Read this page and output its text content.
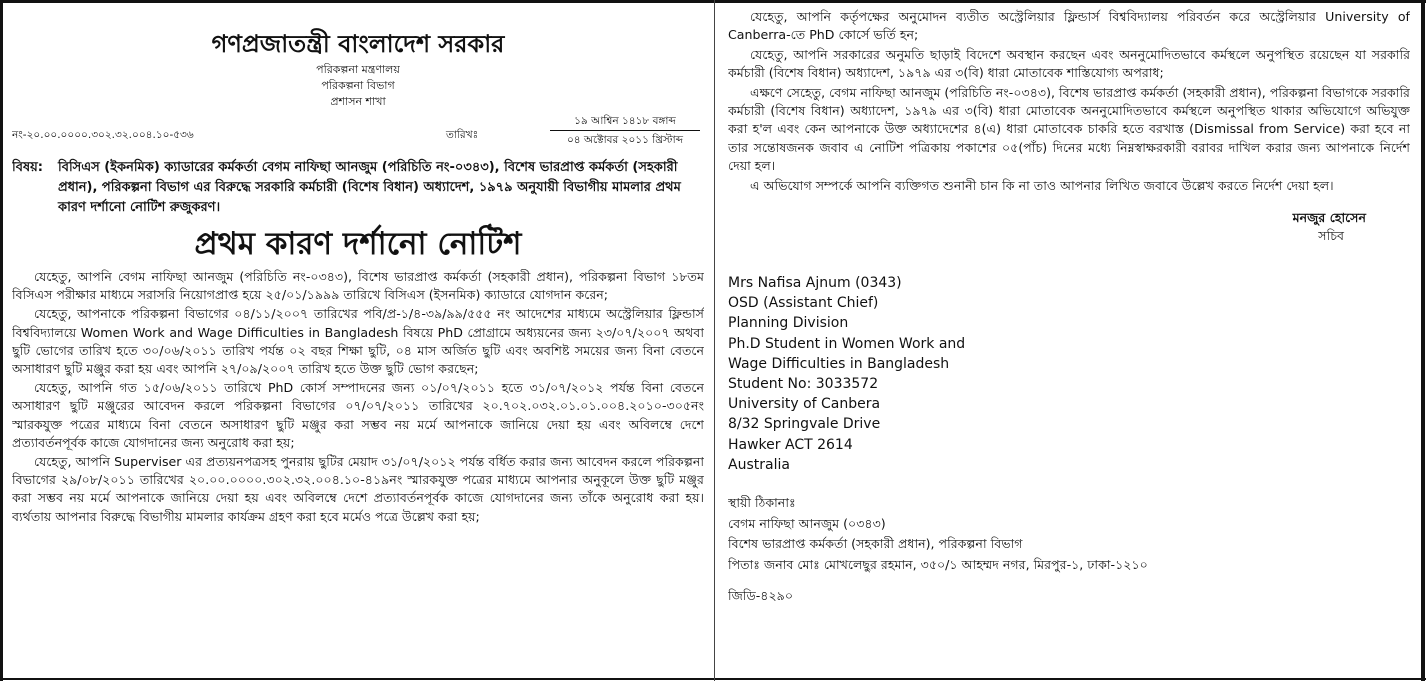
গণপ্রজাতন্ত্রী বাংলাদেশ সরকার
পরিকল্পনা মন্ত্রণালয়
পরিকল্পনা বিভাগ
প্রশাসন শাখা
নং-২০.০০.০০০০.৩০২.৩২.০০৪.১০-৫৩৬	তারিখঃ
১৯ আশ্বিন ১৪১৮ বঙ্গাব্দ
০৪ অক্টোবর ২০১১ খ্রিস্টাব্দ
বিষয়: বিসিএস (ইকনমিক) ক্যাডারের কর্মকর্তা বেগম নাফিছা আনজুম (পরিচিতি নং-০৩৪৩), বিশেষ ভারপ্রাপ্ত কর্মকর্তা (সহকারী প্রধান), পরিকল্পনা বিভাগ এর বিরুদ্ধে সরকারি কর্মচারী (বিশেষ বিধান) অধ্যাদেশ, ১৯৭৯ অনুযায়ী বিভাগীয় মামলার প্রথম কারণ দর্শানো নোটিশ রুজুকরণ।
প্রথম কারণ দর্শানো নোটিশ

যেহেতু, আপনি বেগম নাফিছা আনজুম (পরিচিতি নং-০৩৪৩), বিশেষ ভারপ্রাপ্ত কর্মকর্তা (সহকারী প্রধান), পরিকল্পনা বিভাগ ১৮তম বিসিএস পরীক্ষার মাধ্যমে সরাসরি নিয়োগপ্রাপ্ত হয়ে ২৫/০১/১৯৯৯ তারিখে বিসিএস (ইসনমিক) ক্যাডারে যোগদান করেন;

যেহেতু, আপনাকে পরিকল্পনা বিভাগের ০৪/১১/২০০৭ তারিখের পবি/প্র-১/৪-৩৯/৯৯/৫৫৫ নং আদেশের মাধ্যমে অস্ট্রেলিয়ার ফ্লিন্ডার্স বিশ্ববিদ্যালয়ে Women Work and Wage Difficulties in Bangladesh বিষয়ে PhD প্রোগ্রামে অধ্যয়নের জন্য ২৩/০৭/২০০৭ অথবা ছুটি ভোগের তারিখ হতে ৩০/০৬/২০১১ তারিখ পর্যন্ত ০২ বছর শিক্ষা ছুটি, ০৪ মাস অর্জিত ছুটি এবং অবশিষ্ট সময়ের জন্য বিনা বেতনে অসাধারণ ছুটি মঞ্জুর করা হয় এবং আপনি ২৭/০৯/২০০৭ তারিখ হতে উক্ত ছুটি ভোগ করছেন;

যেহেতু, আপনি গত ১৫/০৬/২০১১ তারিখে PhD কোর্স সম্পাদনের জন্য ০১/০৭/২০১১ হতে ৩১/০৭/২০১২ পর্যন্ত বিনা বেতনে অসাধারণ ছুটি মঞ্জুরের আবেদন করলে পরিকল্পনা বিভাগের ০৭/০৭/২০১১ তারিখের ২০.৭০২.০৩২.০১.০১.০০৪.২০১০-৩০৫নং স্মারকযুক্ত পত্রের মাধ্যমে বিনা বেতনে অসাধারণ ছুটি মঞ্জুর করা সম্ভব নয় মর্মে আপনাকে জানিয়ে দেয়া হয় এবং অবিলম্বে দেশে প্রত্যাবর্তনপূর্বক কাজে যোগদানের জন্য অনুরোধ করা হয়;

যেহেতু, আপনি Superviser এর প্রত্যয়নপত্রসহ পুনরায় ছুটির মেয়াদ ৩১/০৭/২০১২ পর্যন্ত বর্ধিত করার জন্য আবেদন করলে পরিকল্পনা বিভাগের ২৯/০৮/২০১১ তারিখের ২০.০০.০০০০.৩০২.৩২.০০৪.১০-৪১৯নং স্মারকযুক্ত পত্রের মাধ্যমে আপনার অনুকূলে উক্ত ছুটি মঞ্জুর করা সম্ভব নয় মর্মে আপনাকে জানিয়ে দেয়া হয় এবং অবিলম্বে দেশে প্রত্যাবর্তনপূর্বক কাজে যোগদানের জন্য তাঁকে অনুরোধ করা হয়। ব্যর্থতায় আপনার বিরুদ্ধে বিভাগীয় মামলার কার্যক্রম গ্রহণ করা হবে মর্মেও পত্রে উল্লেখ করা হয়;

যেহেতু, আপনি কর্তৃপক্ষের অনুমোদন ব্যতীত অস্ট্রেলিয়ার ফ্লিন্ডার্স বিশ্ববিদ্যালয় পরিবর্তন করে অস্ট্রেলিয়ার University of Canberra-তে PhD কোর্সে ভর্তি হন;

যেহেতু, আপনি সরকারের অনুমতি ছাড়াই বিদেশে অবস্থান করছেন এবং অননুমোদিতভাবে কর্মস্থলে অনুপস্থিত রয়েছেন যা সরকারি কর্মচারী (বিশেষ বিধান) অধ্যাদেশ, ১৯৭৯ এর ৩(বি) ধারা মোতাবেক শাস্তিযোগ্য অপরাধ;

এক্ষণে সেহেতু, বেগম নাফিছা আনজুম (পরিচিতি নং-০৩৪৩), বিশেষ ভারপ্রাপ্ত কর্মকর্তা (সহকারী প্রধান), পরিকল্পনা বিভাগকে সরকারি কর্মচারী (বিশেষ বিধান) অধ্যাদেশ, ১৯৭৯ এর ৩(বি) ধারা মোতাবেক অননুমোদিতভাবে কর্মস্থলে অনুপস্থিত থাকার অভিযোগে অভিযুক্ত করা হ'ল এবং কেন আপনাকে উক্ত অধ্যাদেশের ৪(এ) ধারা মোতাবেক চাকরি হতে বরখাস্ত (Dismissal from Service) করা হবে না তার সন্তোষজনক জবাব এ নোটিশ পত্রিকায় পকাশের ০৫(পাঁচ) দিনের মধ্যে নিম্নস্বাক্ষরকারী বরাবর দাখিল করার জন্য আপনাকে নির্দেশ দেয়া হল।

এ অভিযোগ সম্পর্কে আপনি ব্যক্তিগত শুনানী চান কি না তাও আপনার লিখিত জবাবে উল্লেখ করতে নির্দেশ দেয়া হল।

মনজুর হোসেন
সচিব
Mrs Nafisa Ajnum (0343)
OSD (Assistant Chief)
Planning Division
Ph.D Student in Women Work and
Wage Difficulties in Bangladesh
Student No: 3033572
University of Canbera
8/32 Springvale Drive
Hawker ACT 2614
Australia
স্থায়ী ঠিকানাঃ
বেগম নাফিছা আনজুম (০৩৪৩)
বিশেষ ভারপ্রাপ্ত কর্মকর্তা (সহকারী প্রধান), পরিকল্পনা বিভাগ
পিতাঃ জনাব মোঃ মোখলেছুর রহমান, ৩৫০/১ আহম্মদ নগর, মিরপুর-১, ঢাকা-১২১০
জিডি-৪২৯০
